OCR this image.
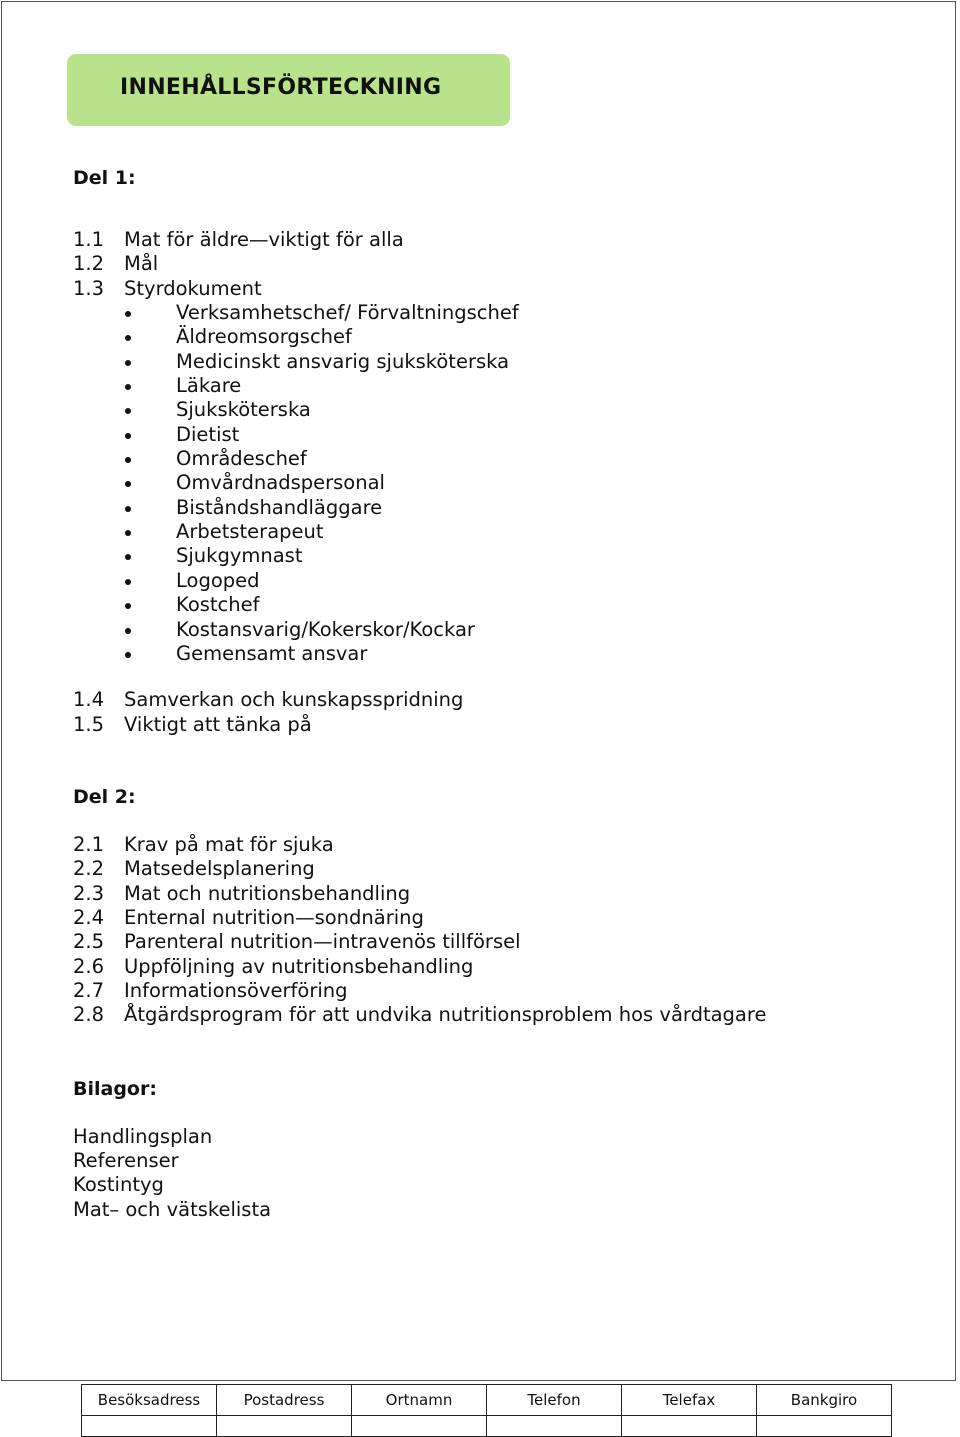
INNEHÅLLSFÖRTECKNING
Del 1:
1.1 Mat för äldre—viktigt för alla
1.2 Mål
1.3 Styrdokument
Verksamhetschef/ Förvaltningschef
Äldreomsorgschef
Medicinskt ansvarig sjuksköterska
Läkare
Sjuksköterska
Dietist
Områdeschef
Omvårdnadspersonal
Biståndshandläggare
Arbetsterapeut
Sjukgymnast
Logoped
Kostchef
Kostansvarig/Kokerskor/Kockar
Gemensamt ansvar
1.4 Samverkan och kunskapsspridning
1.5 Viktigt att tänka på
Del 2:
2.1 Krav på mat för sjuka
2.2 Matsedelsplanering
2.3 Mat och nutritionsbehandling
2.4 Enternal nutrition—sondnäring
2.5 Parenteral nutrition—intravenös tillförsel
2.6 Uppföljning av nutritionsbehandling
2.7 Informationsöverföring
2.8 Åtgärdsprogram för att undvika nutritionsproblem hos vårdtagare
Bilagor:
Handlingsplan
Referenser
Kostintyg
Mat– och vätskelista
Besöksadress	Postadress	Ortnamn	Telefon	Telefax	Bankgiro
